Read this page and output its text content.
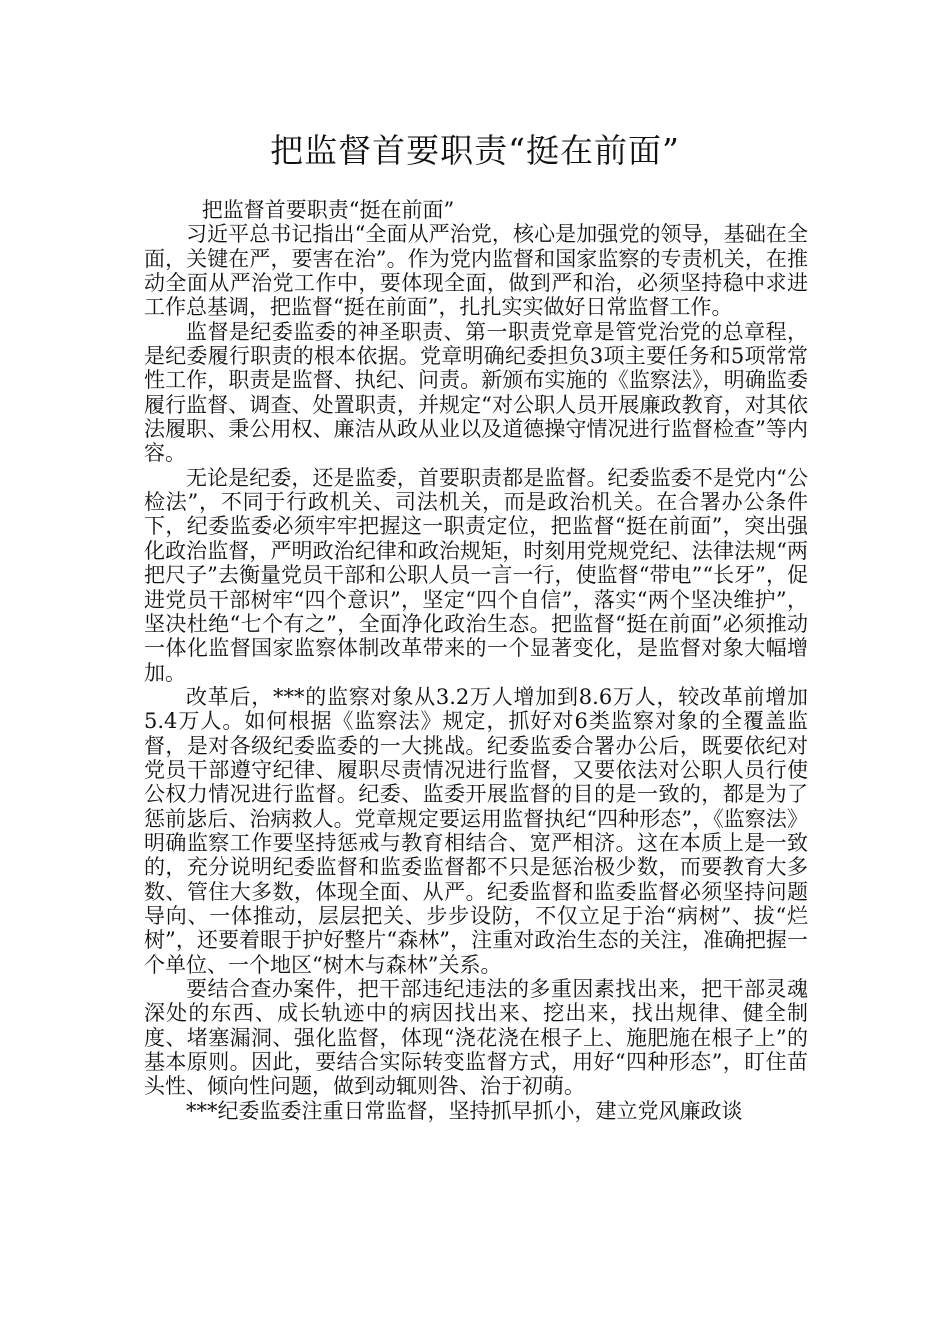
把监督首要职责“挺在前面”

把监督首要职责“挺在前面”

习近平总书记指出“全面从严治党，核心是加强党的领导，基础在全面，关键在严，要害在治”。作为党内监督和国家监察的专责机关，在推动全面从严治党工作中，要体现全面，做到严和治，必须坚持稳中求进工作总基调，把监督“挺在前面”，扎扎实实做好日常监督工作。

监督是纪委监委的神圣职责、第一职责党章是管党治党的总章程，是纪委履行职责的根本依据。党章明确纪委担负3项主要任务和5项常常性工作，职责是监督、执纪、问责。新颁布实施的《监察法》，明确监委履行监督、调查、处置职责，并规定“对公职人员开展廉政教育，对其依法履职、秉公用权、廉洁从政从业以及道德操守情况进行监督检查”等内容。

无论是纪委，还是监委，首要职责都是监督。纪委监委不是党内“公检法”，不同于行政机关、司法机关，而是政治机关。在合署办公条件下，纪委监委必须牢牢把握这一职责定位，把监督“挺在前面”，突出强化政治监督，严明政治纪律和政治规矩，时刻用党规党纪、法律法规“两把尺子”去衡量党员干部和公职人员一言一行，使监督“带电”“长牙”，促进党员干部树牢“四个意识”，坚定“四个自信”，落实“两个坚决维护”，坚决杜绝“七个有之”，全面净化政治生态。把监督“挺在前面”必须推动一体化监督国家监察体制改革带来的一个显著变化，是监督对象大幅增加。

改革后，***的监察对象从3.2万人增加到8.6万人，较改革前增加5.4万人。如何根据《监察法》规定，抓好对6类监察对象的全覆盖监督，是对各级纪委监委的一大挑战。纪委监委合署办公后，既要依纪对党员干部遵守纪律、履职尽责情况进行监督，又要依法对公职人员行使公权力情况进行监督。纪委、监委开展监督的目的是一致的，都是为了惩前毖后、治病救人。党章规定要运用监督执纪“四种形态”，《监察法》明确监察工作要坚持惩戒与教育相结合、宽严相济。这在本质上是一致的，充分说明纪委监督和监委监督都不只是惩治极少数，而要教育大多数、管住大多数，体现全面、从严。纪委监督和监委监督必须坚持问题导向、一体推动，层层把关、步步设防，不仅立足于治“病树”、拔“烂树”，还要着眼于护好整片“森林”，注重对政治生态的关注，准确把握一个单位、一个地区“树木与森林”关系。

要结合查办案件，把干部违纪违法的多重因素找出来，把干部灵魂深处的东西、成长轨迹中的病因找出来、挖出来，找出规律、健全制度、堵塞漏洞、强化监督，体现“浇花浇在根子上、施肥施在根子上”的基本原则。因此，要结合实际转变监督方式，用好“四种形态”，盯住苗头性、倾向性问题，做到动辄则咎、治于初萌。

***纪委监委注重日常监督，坚持抓早抓小，建立党风廉政谈
